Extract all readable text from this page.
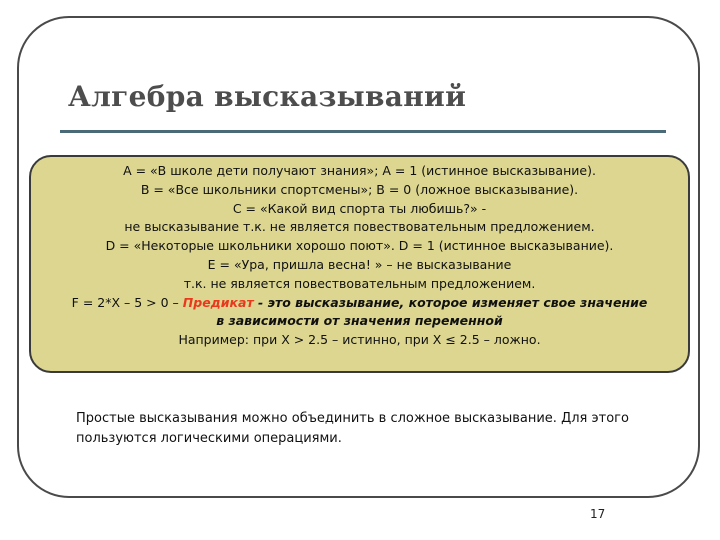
Алгебра высказываний
А = «В школе дети получают знания»; А = 1 (истинное высказывание).
В = «Все школьники спортсмены»; В = 0 (ложное высказывание).
С = «Какой вид спорта ты любишь?» -
не высказывание т.к. не является повествовательным предложением.
D = «Некоторые школьники хорошо поют». D = 1 (истинное высказывание).
Е = «Ура, пришла весна! » – не высказывание
т.к. не является повествовательным предложением.
F = 2*X – 5 > 0 – Предикат - это высказывание, которое изменяет свое значение
в зависимости от значения переменной
Например: при X > 2.5 – истинно, при X ≤ 2.5 – ложно.
Простые высказывания можно объединить в сложное высказывание. Для этого пользуются логическими операциями.
17
